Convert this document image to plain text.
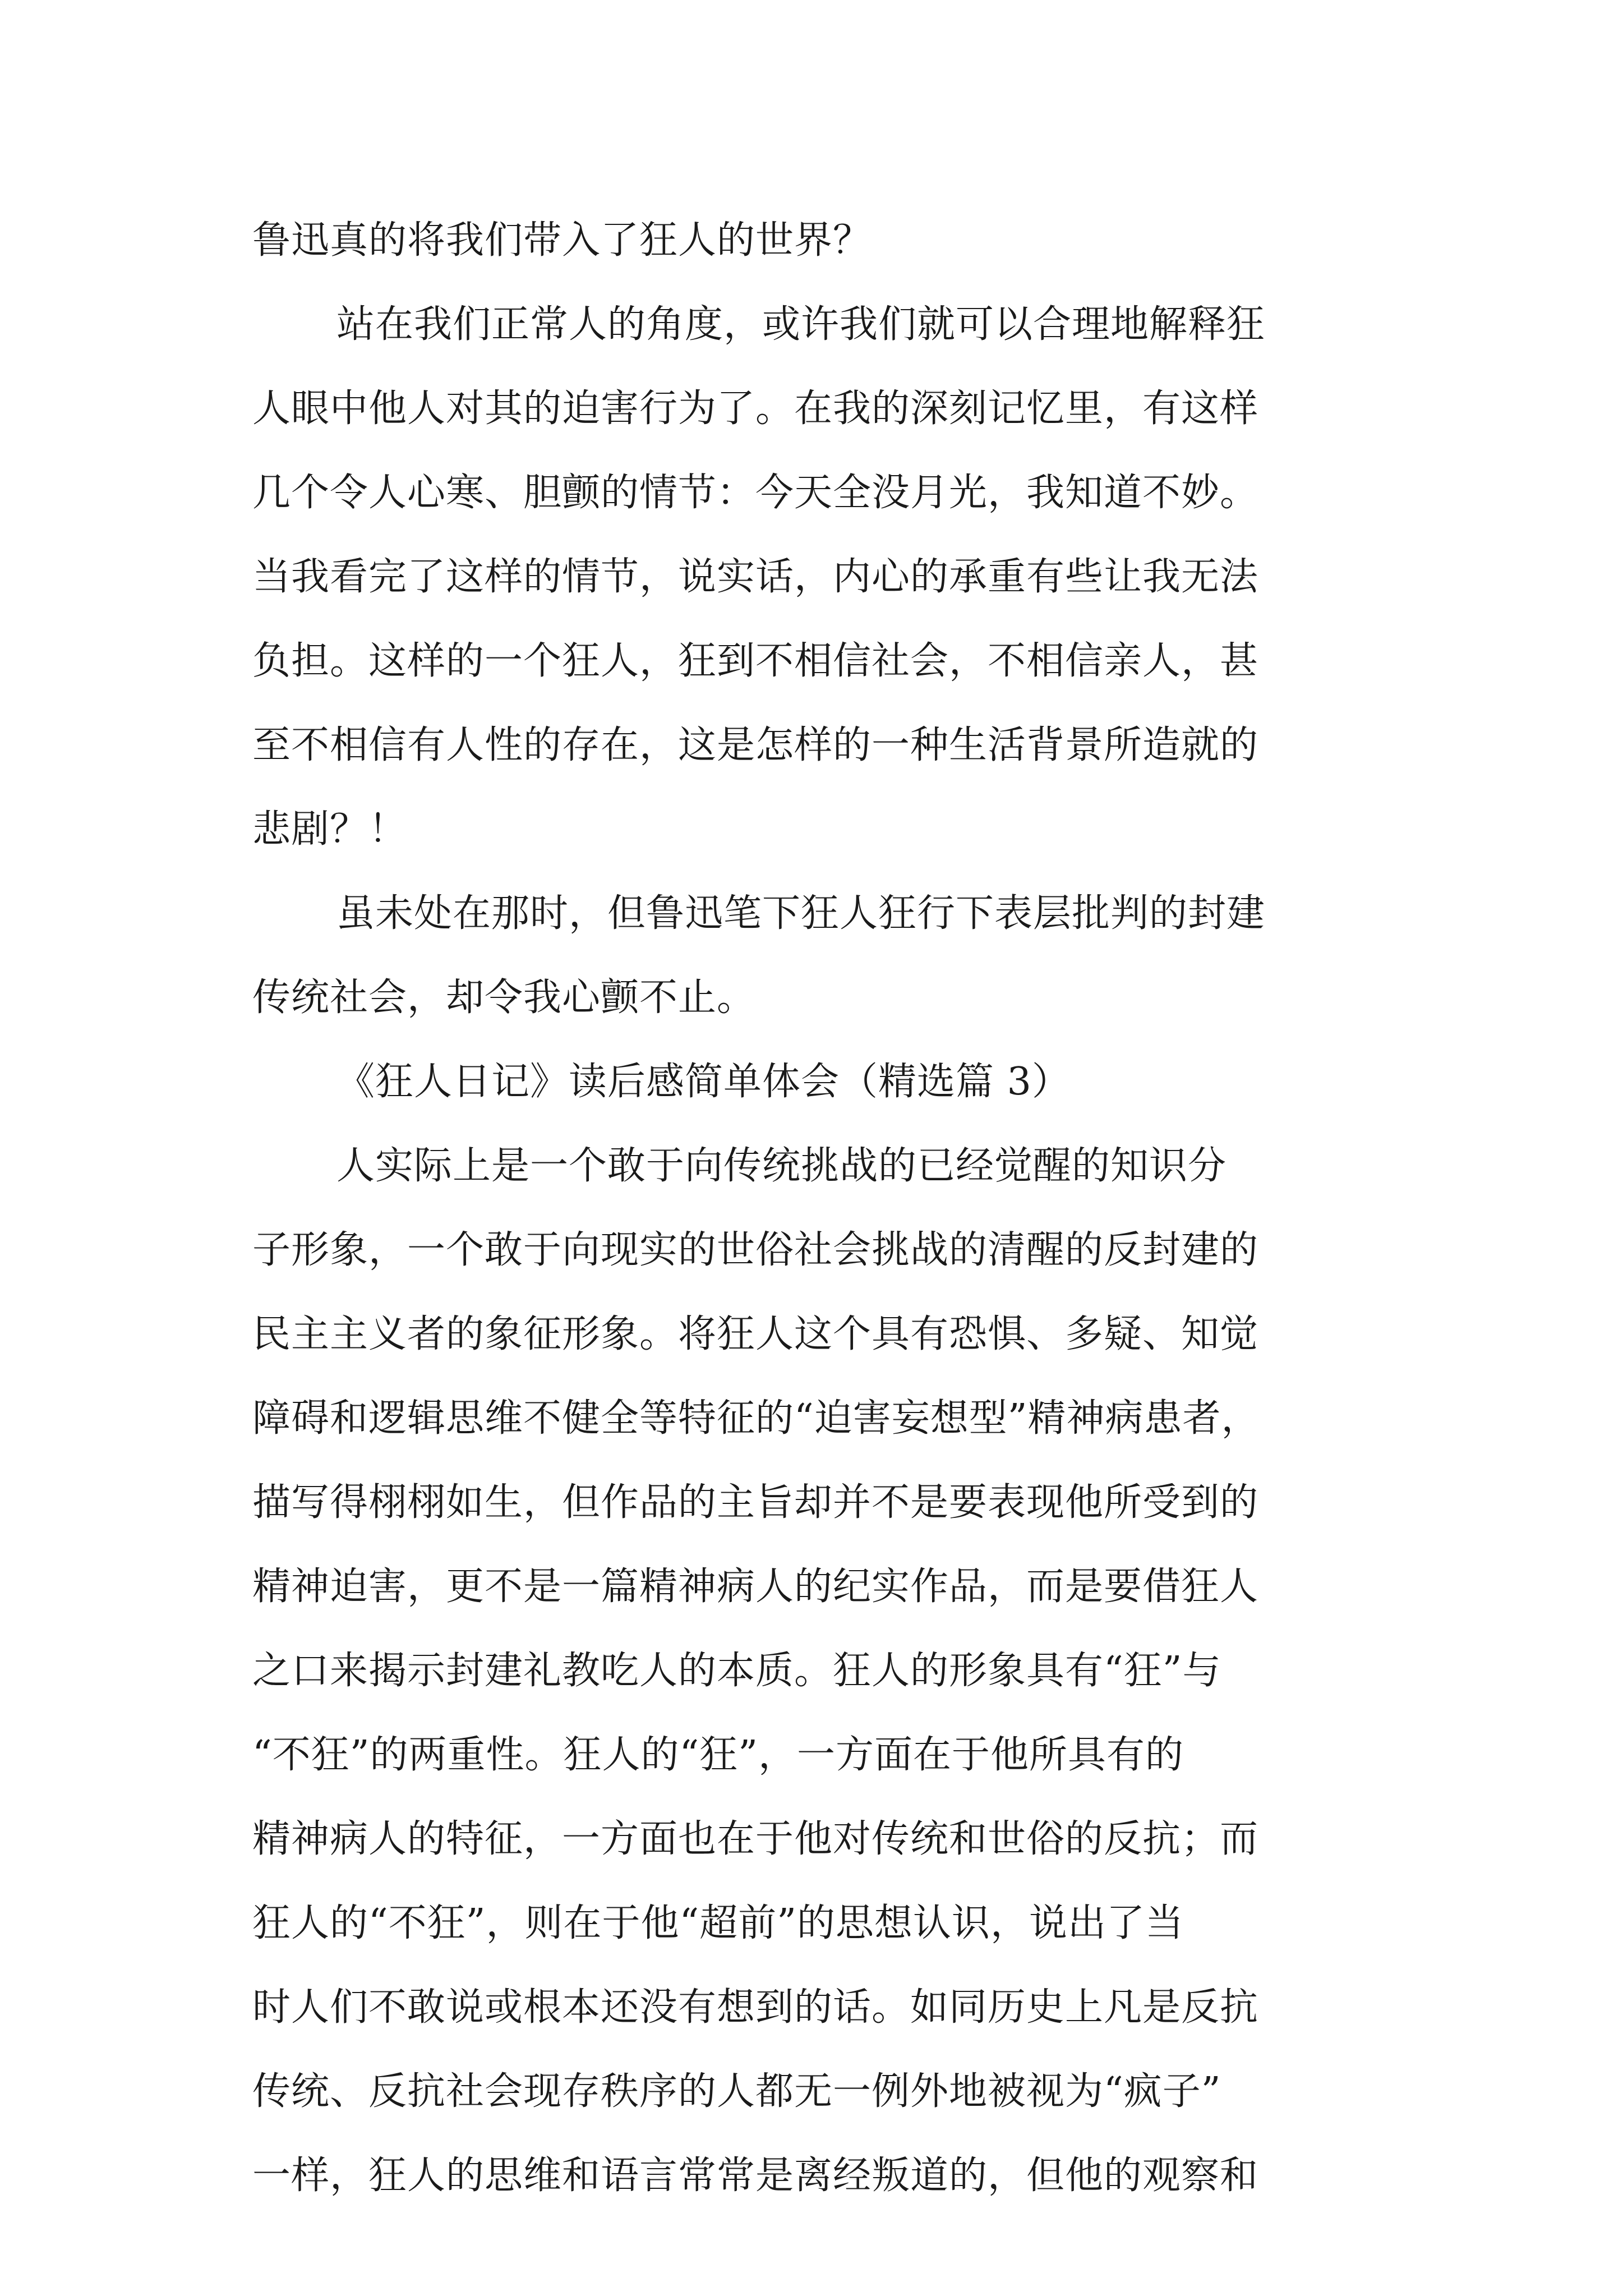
鲁迅真的将我们带入了狂人的世界？

站在我们正常人的角度，或许我们就可以合理地解释狂

人眼中他人对其的迫害行为了。在我的深刻记忆里，有这样

几个令人心寒、胆颤的情节：今天全没月光，我知道不妙。

当我看完了这样的情节，说实话，内心的承重有些让我无法

负担。这样的一个狂人，狂到不相信社会，不相信亲人，甚

至不相信有人性的存在，这是怎样的一种生活背景所造就的

悲剧？！

虽未处在那时，但鲁迅笔下狂人狂行下表层批判的封建

传统社会，却令我心颤不止。

《狂人日记》读后感简单体会（精选篇 3）

人实际上是一个敢于向传统挑战的已经觉醒的知识分

子形象，一个敢于向现实的世俗社会挑战的清醒的反封建的

民主主义者的象征形象。将狂人这个具有恐惧、多疑、知觉

障碍和逻辑思维不健全等特征的“迫害妄想型”精神病患者，

描写得栩栩如生，但作品的主旨却并不是要表现他所受到的

精神迫害，更不是一篇精神病人的纪实作品，而是要借狂人

之口来揭示封建礼教吃人的本质。狂人的形象具有“狂”与

“不狂”的两重性。狂人的“狂”，一方面在于他所具有的

精神病人的特征，一方面也在于他对传统和世俗的反抗；而

狂人的“不狂”，则在于他“超前”的思想认识，说出了当

时人们不敢说或根本还没有想到的话。如同历史上凡是反抗

传统、反抗社会现存秩序的人都无一例外地被视为“疯子”

一样，狂人的思维和语言常常是离经叛道的，但他的观察和
